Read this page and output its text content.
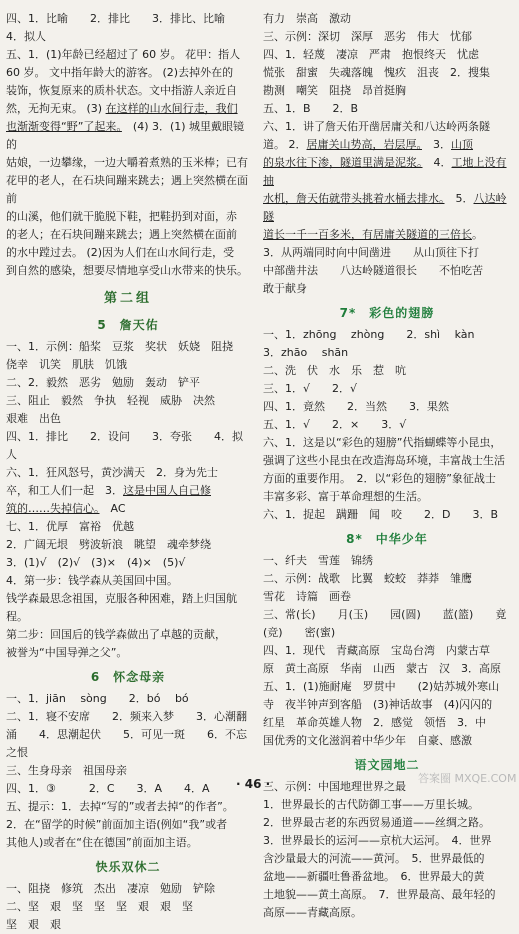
四、1．比喻　　2．排比　　3．排比、比喻
4．拟人
五、1．(1)年龄已经超过了 60 岁。 花甲：指人
60 岁。 文中指年龄大的游客。 (2)去掉外在的
装饰，恢复原来的质朴状态。文中指游人亲近自
然，无拘无束。 (3) 在这样的山水间行走，我们
也渐渐变得“野”了起来。　(4) 3．(1) 城里戴眼镜的
姑娘，一边攀缘，一边大嚼着煮熟的玉米棒；已有
花甲的老人，在石块间蹦来跳去；遇上突然横在面前
的山溪，他们就干脆脱下鞋，把鞋扔到对面，赤
的老人；在石块间蹦来跳去；遇上突然横在面前
的水中蹚过去。 (2)因为人们在山水间行走，受
到自然的感染，想要尽情地享受山水带来的快乐。
第二组
5　詹天佑
一、1．示例：船桨　豆浆　奖状　妖娆　阻挠
侥幸　讥笑　肌肤　饥饿
二、2．毅然　恶劣　勉励　轰动　铲平
三、阻止　毅然　争执　轻视　威胁　决然
艰难　出色
四、1．排比　　2．设问　　3．夸张　　4．拟人
六、1．狂风怒号，黄沙满天　2．身为先士
卒，和工人们一起　3．这是中国人自己修
筑的……失掉信心。　AC
七、1．优厚　富裕　优越
2．广阔无垠　劈波斩浪　眺望　魂牵梦绕
3．(1)√　(2)√　(3)×　(4)×　(5)√
4．第一步：钱学森从美国回中国。
钱学森最思念祖国，克服各种困难，踏上归国航程。
第二步：回国后的钱学森做出了卓越的贡献，
被誉为“中国导弹之父”。
6　怀念母亲
一、1．jiān　 sòng　　2．bó　 bó
二、1．寝不安席　　2．频来入梦　　3．心潮翻
涌　　4．思潮起伏　　5．可见一斑　　6．不忘
之恨
三、生身母亲　祖国母亲
四、1．③　　　2．C　　3．A　　4．A
五、提示：1．去掉“写的”或者去掉“的作者”。
2．在“留学的时候”前面加主语(例如“我”或者
其他人)或者在“住在德国”前面加主语。
快乐双休二
一、阻挠　修筑　杰出　凄凉　勉励　铲除
二、坚　艰　坚　坚　坚　艰　艰　坚
坚　艰　艰
有力　崇高　激动
三、示例：深切　深厚　恶劣　伟大　忧郁
四、1．轻蔑　凄凉　严肃　抱恨终天　忧虑
慌张　甜蜜　失魂落魄　愧疚　沮丧　2．搜集
勘测　嘲笑　阻挠　昂首挺胸
五、1．B　　2．B
六、1．讲了詹天佑开凿居庸关和八达岭两条隧
道。 2．居庸关山势高，岩层厚。　3．山顶
的泉水往下渗，隧道里满是泥浆。　4．工地上没有抽
水机，詹天佑就带头挑着水桶去排水。　5．八达岭隧
道长一千一百多米，有居庸关隧道的三倍长。
3．从两端同时向中间凿进　　从山顶往下打
中部凿井法　　八达岭隧道很长　　不怕吃苦
敢于献身
7*　彩色的翅膀
一、1．zhōng　 zhòng　　2．shì　 kàn
3．zhāo　 shān
二、洗　伏　水　乐　惹　吭
三、1．√　　2．√
四、1．竟然　　2．当然　　3．果然
五、1．√　　2．×　　3．√
六、1．这是以“彩色的翅膀”代指蝴蝶等小昆虫，
强调了这些小昆虫在改造海岛环境，丰富战士生活
方面的重要作用。　2．以“彩色的翅膀”象征战士
丰富多彩、富于革命理想的生活。
六、1．捉起　蹒跚　闻　咬　　2．D　　3．B
8*　中华少年
一、纤夫　雪莲　锦绣
二、示例：战歌　比翼　蛟蛟　莽莽　雏鹰
雪花　诗篇　画卷
三、常(长)　　月(玉)　　园(圆)　　蓝(篮)　　竟
(竞)　　密(蜜)
四、1．现代　青藏高原　宝岛台湾　内蒙古草
原　黄土高原　华南　山西　蒙古　汉　3．高原
五、1．(1)施耐庵　罗贯中　　(2)姑苏城外寒山
寺　夜半钟声到客船　(3)神话故事　(4)闪闪的
红星　革命英雄人物　2．感觉　领悟　3．中
国优秀的文化滋润着中华少年　自豪、感激
语文园地二
三、示例：中国地理世界之最
1．世界最长的古代防御工事——万里长城。
2．世界最古老的东西贸易通道——丝绸之路。
3．世界最长的运河——京杭大运河。　4．世界
含沙量最大的河流——黄河。　5．世界最低的
盆地——新疆吐鲁番盆地。　6．世界最大的黄
土地貌——黄土高原。　7．世界最高、最年轻的
高原——青藏高原。
· 46 ·	答案圈 MXQE.COM
